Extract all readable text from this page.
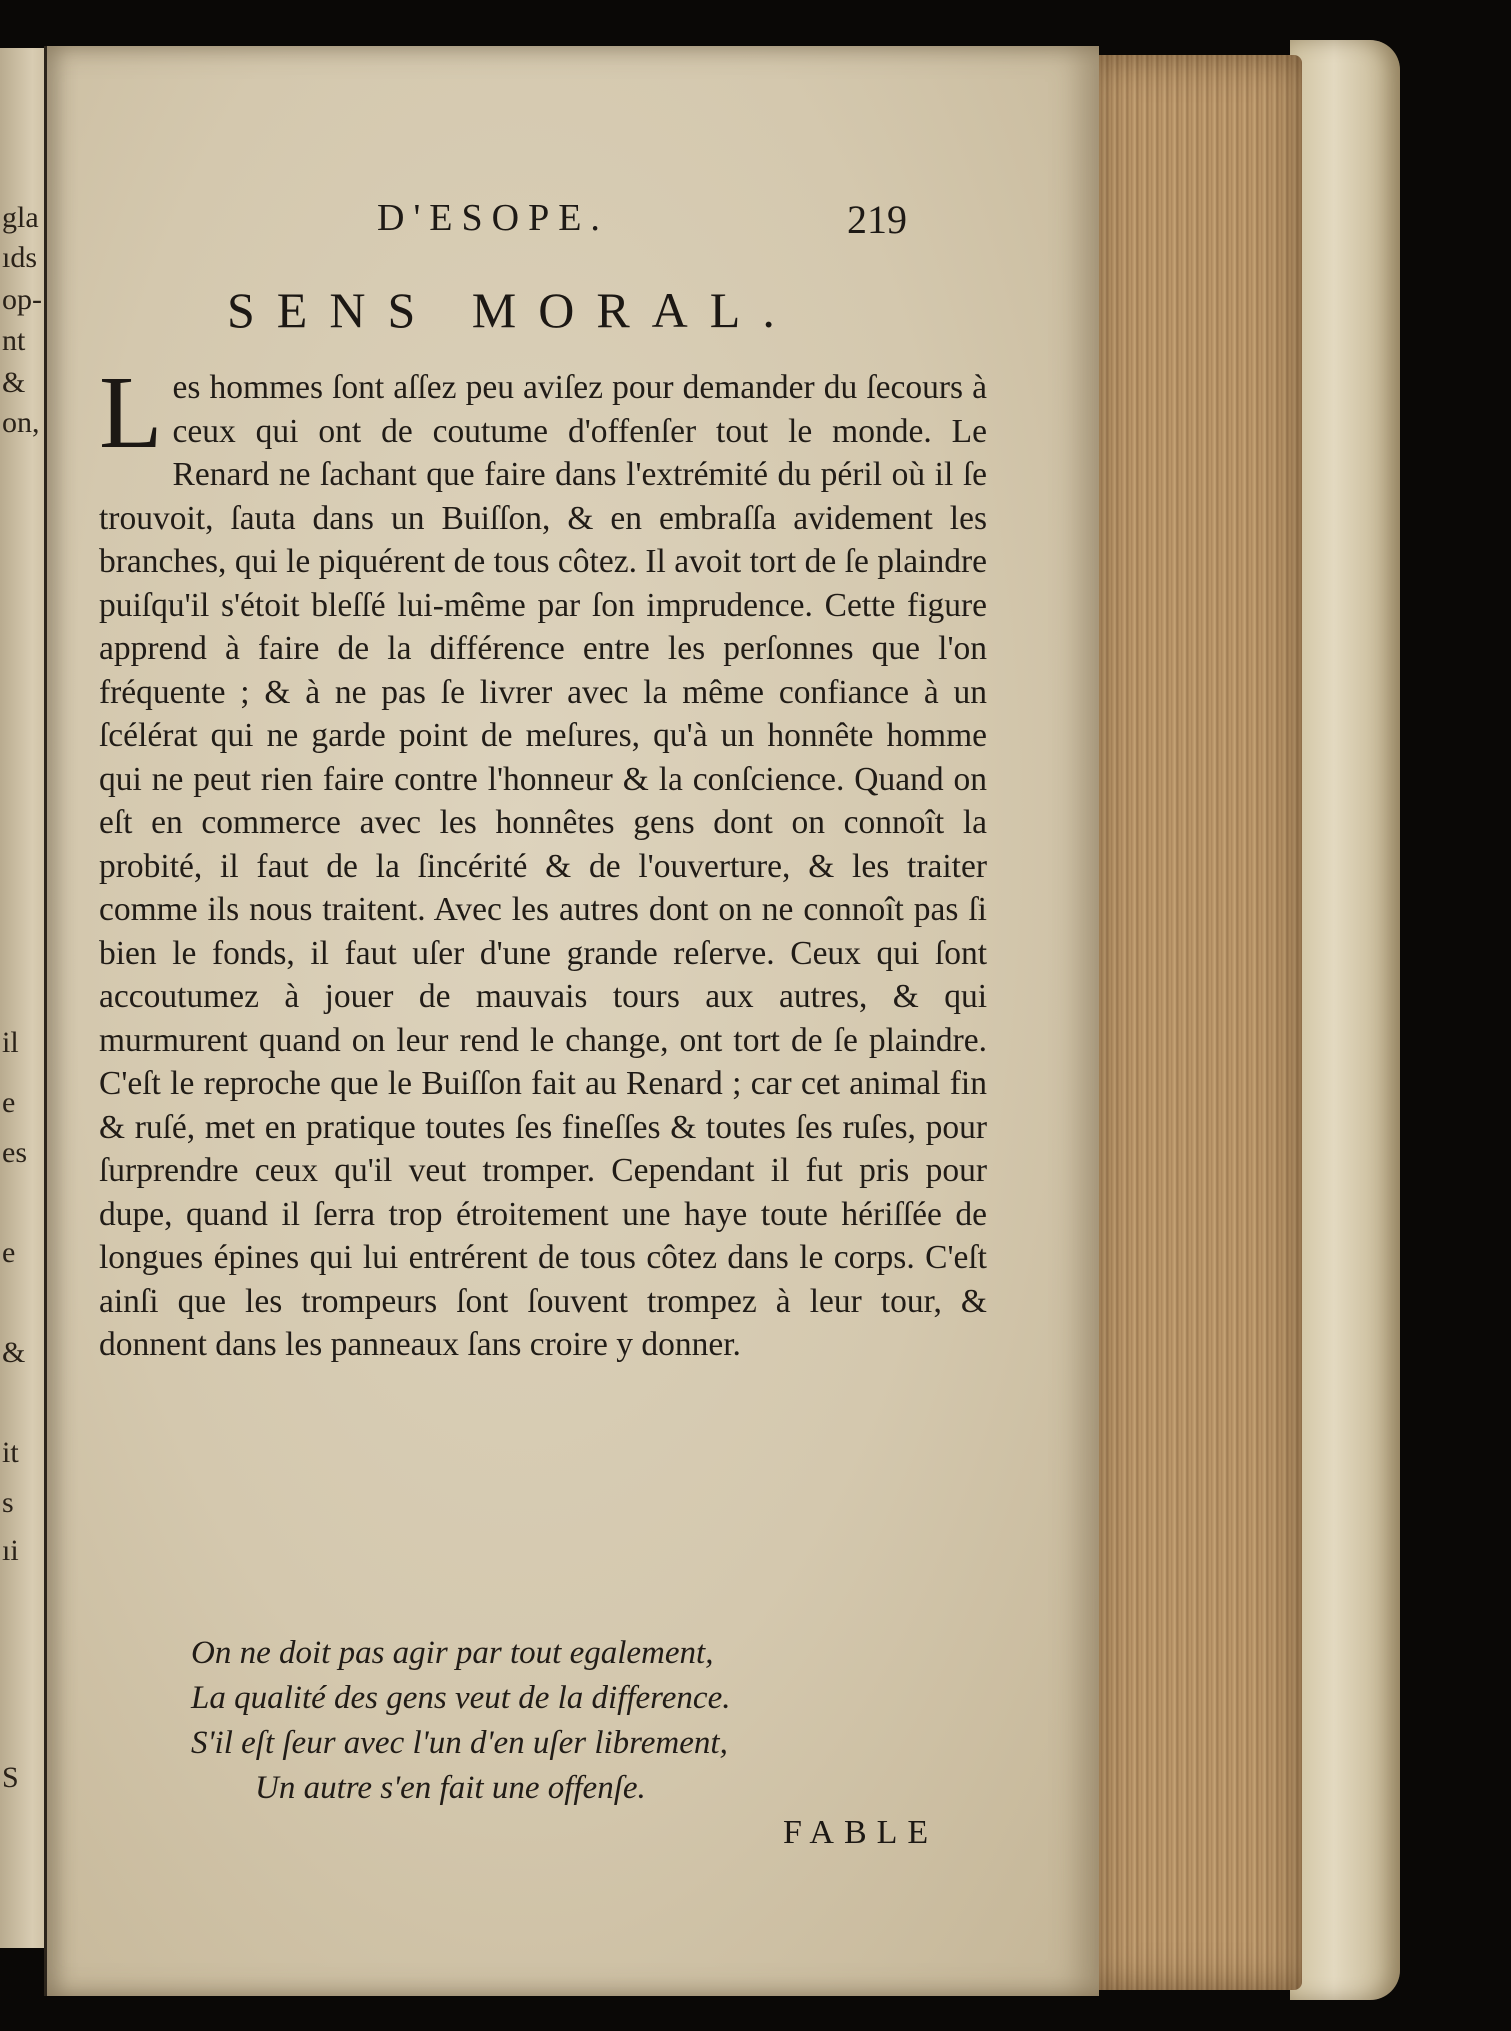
gla
ıds
op-
nt
&
on,
il
e
es
e
&
it
s
ıi
S
D'ESOPE.	219
SENS MORAL.
Les hommes ſont aſſez peu aviſez pour demander du ſecours à ceux qui ont de coutume d'offenſer tout le monde. Le Renard ne ſachant que faire dans l'extrémité du péril où il ſe trouvoit, ſauta dans un Buiſſon, & en embraſſa avidement les branches, qui le piquérent de tous côtez. Il avoit tort de ſe plaindre puiſqu'il s'étoit bleſſé lui-même par ſon imprudence. Cette figure apprend à faire de la différence entre les perſonnes que l'on fréquente ; & à ne pas ſe livrer avec la même confiance à un ſcélérat qui ne garde point de meſures, qu'à un honnête homme qui ne peut rien faire contre l'honneur & la conſcience. Quand on eſt en commerce avec les honnêtes gens dont on connoît la probité, il faut de la ſincérité & de l'ouverture, & les traiter comme ils nous traitent. Avec les autres dont on ne connoît pas ſi bien le fonds, il faut uſer d'une grande reſerve. Ceux qui ſont accoutumez à jouer de mauvais tours aux autres, & qui murmurent quand on leur rend le change, ont tort de ſe plaindre. C'eſt le reproche que le Buiſſon fait au Renard ; car cet animal fin & ruſé, met en pratique toutes ſes fineſſes & toutes ſes ruſes, pour ſurprendre ceux qu'il veut tromper. Cependant il fut pris pour dupe, quand il ſerra trop étroitement une haye toute hériſſée de longues épines qui lui entrérent de tous côtez dans le corps. C'eſt ainſi que les trompeurs ſont ſouvent trompez à leur tour, & donnent dans les panneaux ſans croire y donner.
On ne doit pas agir par tout egalement,
La qualité des gens veut de la difference.
S'il eſt ſeur avec l'un d'en uſer librement,
Un autre s'en fait une offenſe.
FABLE
